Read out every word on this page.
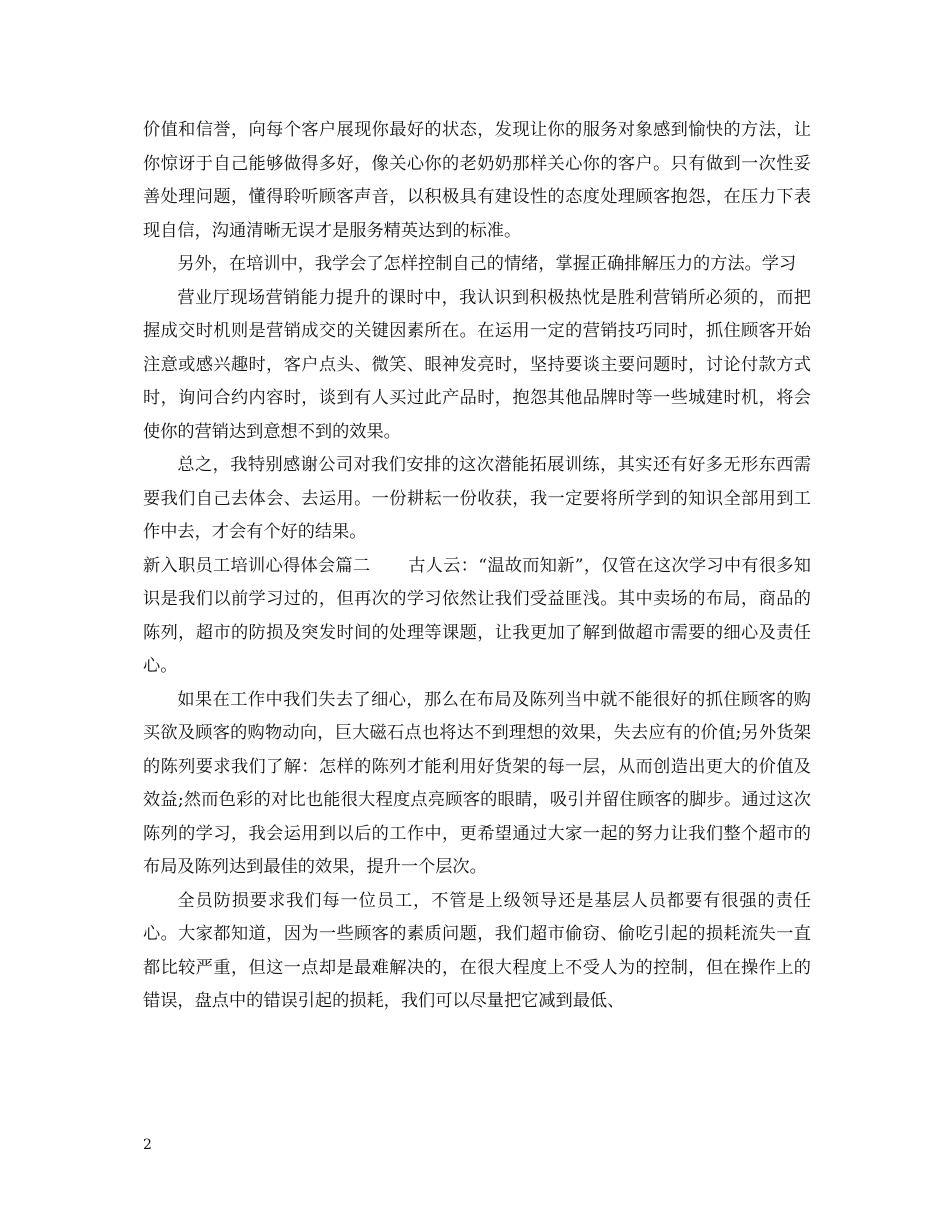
价值和信誉，向每个客户展现你最好的状态，发现让你的服务对象感到愉快的方法，让你惊讶于自己能够做得多好，像关心你的老奶奶那样关心你的客户。只有做到一次性妥善处理问题，懂得聆听顾客声音，以积极具有建设性的态度处理顾客抱怨，在压力下表现自信，沟通清晰无误才是服务精英达到的标准。

另外，在培训中，我学会了怎样控制自己的情绪，掌握正确排解压力的方法。学习

营业厅现场营销能力提升的课时中，我认识到积极热忱是胜利营销所必须的，而把握成交时机则是营销成交的关键因素所在。在运用一定的营销技巧同时，抓住顾客开始注意或感兴趣时，客户点头、微笑、眼神发亮时，坚持要谈主要问题时，讨论付款方式时，询问合约内容时，谈到有人买过此产品时，抱怨其他品牌时等一些城建时机，将会使你的营销达到意想不到的效果。

总之，我特别感谢公司对我们安排的这次潜能拓展训练，其实还有好多无形东西需要我们自己去体会、去运用。一份耕耘一份收获，我一定要将所学到的知识全部用到工作中去，才会有个好的结果。

新入职员工培训心得体会篇二 古人云：“温故而知新”，仅管在这次学习中有很多知识是我们以前学习过的，但再次的学习依然让我们受益匪浅。其中卖场的布局，商品的陈列，超市的防损及突发时间的处理等课题，让我更加了解到做超市需要的细心及责任心。

如果在工作中我们失去了细心，那么在布局及陈列当中就不能很好的抓住顾客的购买欲及顾客的购物动向，巨大磁石点也将达不到理想的效果，失去应有的价值;另外货架的陈列要求我们了解：怎样的陈列才能利用好货架的每一层，从而创造出更大的价值及效益;然而色彩的对比也能很大程度点亮顾客的眼睛，吸引并留住顾客的脚步。通过这次陈列的学习，我会运用到以后的工作中，更希望通过大家一起的努力让我们整个超市的布局及陈列达到最佳的效果，提升一个层次。

全员防损要求我们每一位员工，不管是上级领导还是基层人员都要有很强的责任心。大家都知道，因为一些顾客的素质问题，我们超市偷窃、偷吃引起的损耗流失一直都比较严重，但这一点却是最难解决的，在很大程度上不受人为的控制，但在操作上的错误，盘点中的错误引起的损耗，我们可以尽量把它减到最低、

2
